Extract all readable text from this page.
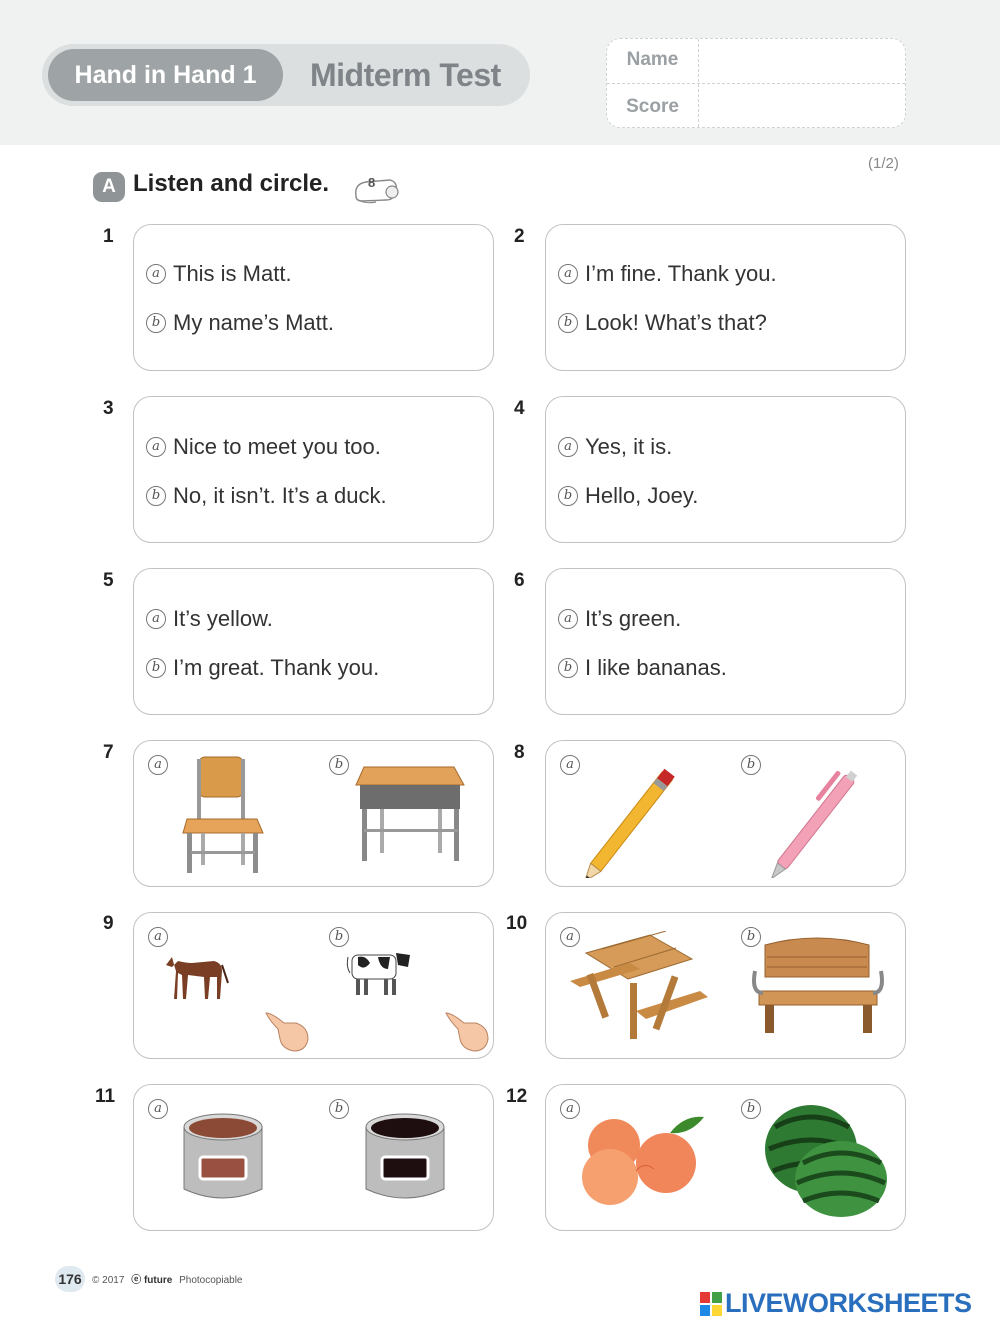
Hand in Hand 1	Midterm Test	Name
Score
(1/2)
A Listen and circle.	8
1
a This is Matt.
b My name’s Matt.
2
a I’m fine. Thank you.
b Look! What’s that?
3
a Nice to meet you too.
b No, it isn’t. It’s a duck.
4
a Yes, it is.
b Hello, Joey.
5
a It’s yellow.
b I’m great. Thank you.
6
a It’s green.
b I like bananas.
7
a	b
8
a	b
9
a	b
10
a	b
11
a	b
12
a	b
176	© 2017 ⓔ future Photocopiable
LIVEWORKSHEETS
